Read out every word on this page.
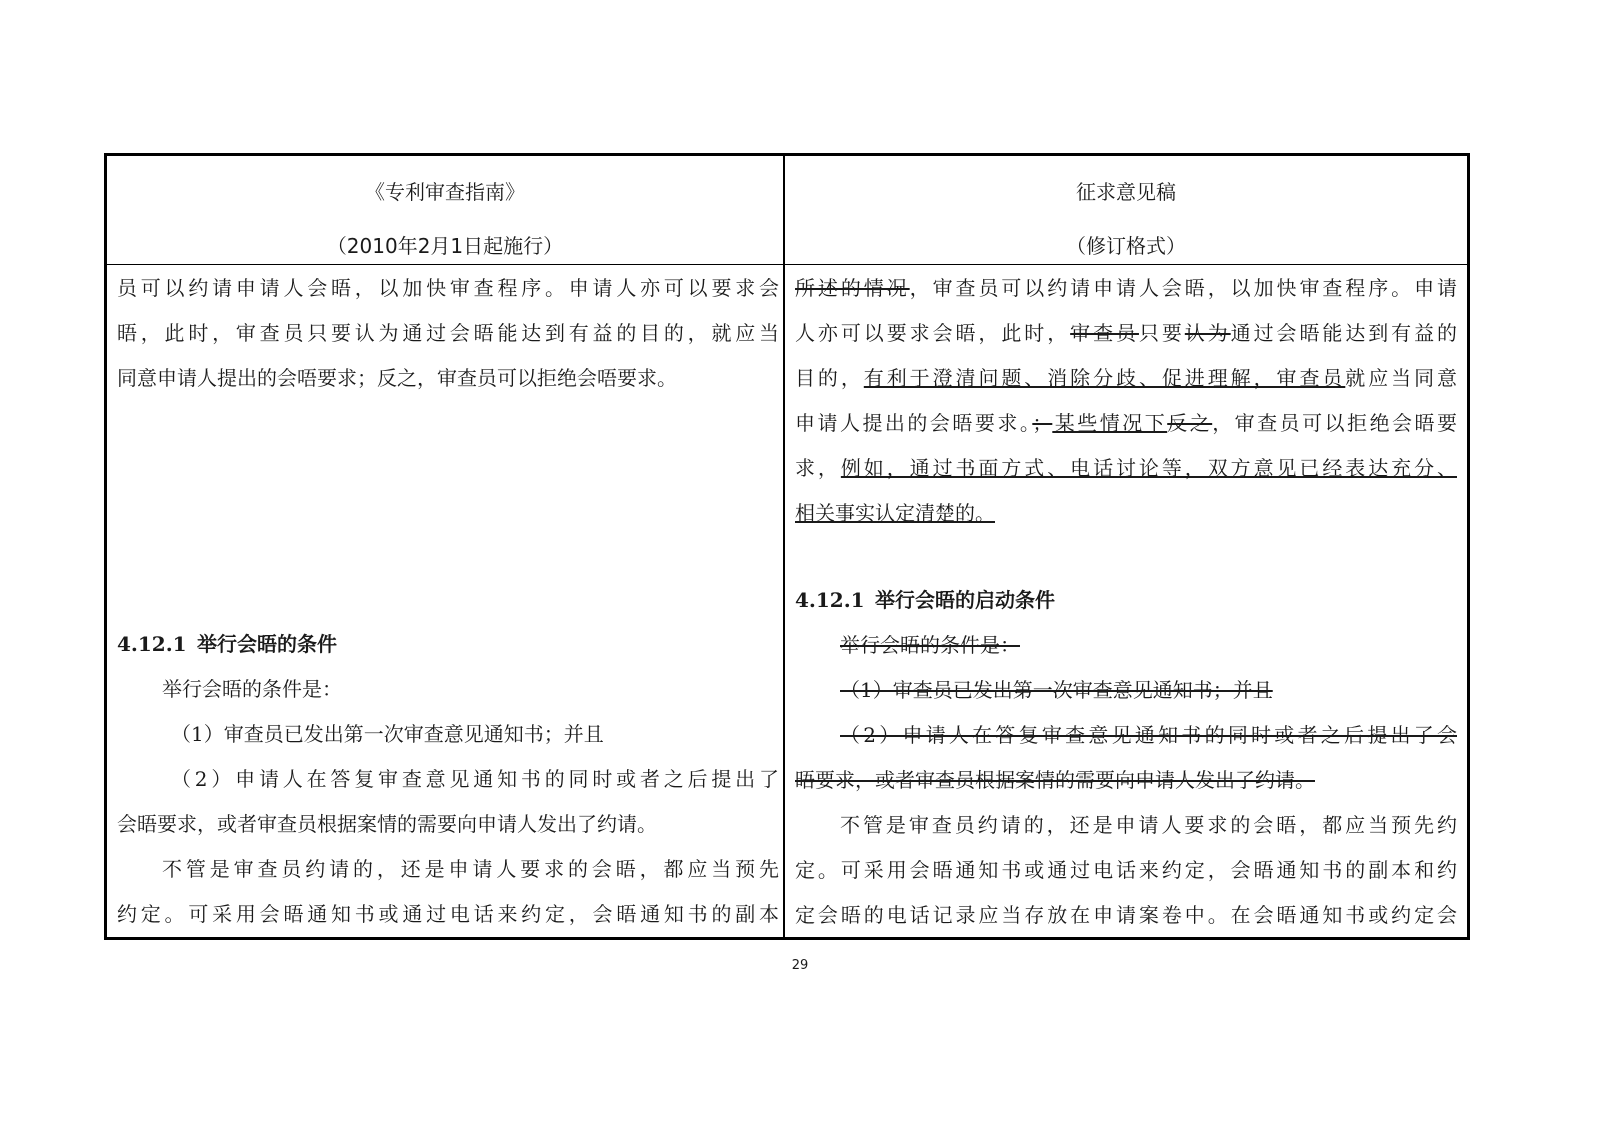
《专利审查指南》
（2010年2月1日起施行）
征求意见稿
（修订格式）
员可以约请申请人会晤，以加快审查程序。申请人亦可以要求会
晤，此时，审查员只要认为通过会晤能达到有益的目的，就应当
同意申请人提出的会唔要求；反之，审查员可以拒绝会唔要求。
4.12.1 举行会晤的条件
举行会晤的条件是：
（1）审查员已发出第一次审查意见通知书；并且
（2）申请人在答复审查意见通知书的同时或者之后提出了
会晤要求，或者审查员根据案情的需要向申请人发出了约请。
不管是审查员约请的，还是申请人要求的会晤，都应当预先
约定。可采用会晤通知书或通过电话来约定，会晤通知书的副本
所述的情况，审查员可以约请申请人会晤，以加快审查程序。申请
人亦可以要求会晤，此时，审查员只要认为通过会晤能达到有益的
目的，有利于澄清问题、消除分歧、促进理解，审查员就应当同意
申请人提出的会晤要求。；某些情况下反之，审查员可以拒绝会晤要
求，例如，通过书面方式、电话讨论等，双方意见已经表达充分、
相关事实认定清楚的。
4.12.1 举行会晤的启动条件
举行会晤的条件是：
（1）审查员已发出第一次审查意见通知书；并且
（2）申请人在答复审查意见通知书的同时或者之后提出了会
晤要求，或者审查员根据案情的需要向申请人发出了约请。
不管是审查员约请的，还是申请人要求的会晤，都应当预先约
定。可采用会晤通知书或通过电话来约定，会晤通知书的副本和约
定会晤的电话记录应当存放在申请案卷中。在会晤通知书或约定会
29
